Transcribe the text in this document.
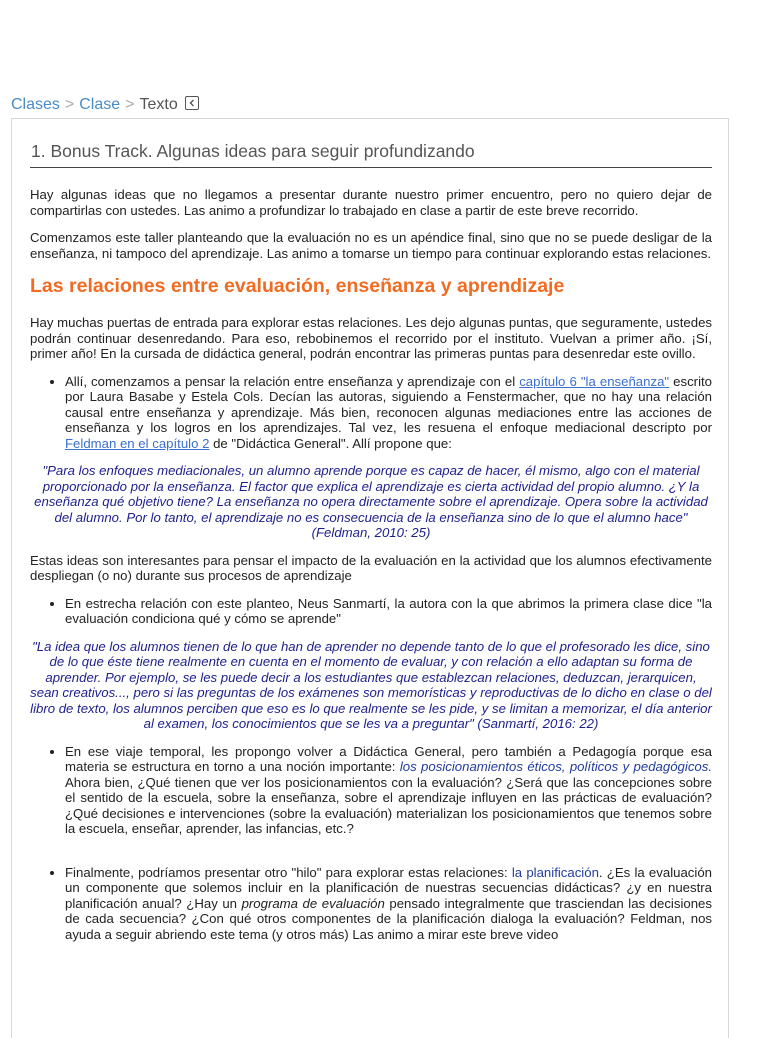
Clases > Clase > Texto
1. Bonus Track. Algunas ideas para seguir profundizando

Hay algunas ideas que no llegamos a presentar durante nuestro primer encuentro, pero no quiero dejar de compartirlas con ustedes. Las animo a profundizar lo trabajado en clase a partir de este breve recorrido.

Comenzamos este taller planteando que la evaluación no es un apéndice final, sino que no se puede desligar de la enseñanza, ni tampoco del aprendizaje. Las animo a tomarse un tiempo para continuar explorando estas relaciones.

Las relaciones entre evaluación, enseñanza y aprendizaje

Hay muchas puertas de entrada para explorar estas relaciones. Les dejo algunas puntas, que seguramente, ustedes podrán continuar desenredando. Para eso, rebobinemos el recorrido por el instituto. Vuelvan a primer año. ¡Sí, primer año! En la cursada de didáctica general, podrán encontrar las primeras puntas para desenredar este ovillo.

• Allí, comenzamos a pensar la relación entre enseñanza y aprendizaje con el capítulo 6 "la enseñanza" escrito por Laura Basabe y Estela Cols. Decían las autoras, siguiendo a Fenstermacher, que no hay una relación causal entre enseñanza y aprendizaje. Más bien, reconocen algunas mediaciones entre las acciones de enseñanza y los logros en los aprendizajes. Tal vez, les resuena el enfoque mediacional descripto por Feldman en el capítulo 2 de "Didáctica General". Allí propone que:

"Para los enfoques mediacionales, un alumno aprende porque es capaz de hacer, él mismo, algo con el material proporcionado por la enseñanza. El factor que explica el aprendizaje es cierta actividad del propio alumno. ¿Y la enseñanza qué objetivo tiene? La enseñanza no opera directamente sobre el aprendizaje. Opera sobre la actividad del alumno. Por lo tanto, el aprendizaje no es consecuencia de la enseñanza sino de lo que el alumno hace" (Feldman, 2010: 25)

Estas ideas son interesantes para pensar el impacto de la evaluación en la actividad que los alumnos efectivamente despliegan (o no) durante sus procesos de aprendizaje

• En estrecha relación con este planteo, Neus Sanmartí, la autora con la que abrimos la primera clase dice "la evaluación condiciona qué y cómo se aprende"

"La idea que los alumnos tienen de lo que han de aprender no depende tanto de lo que el profesorado les dice, sino de lo que éste tiene realmente en cuenta en el momento de evaluar, y con relación a ello adaptan su forma de aprender. Por ejemplo, se les puede decir a los estudiantes que establezcan relaciones, deduzcan, jerarquicen, sean creativos..., pero si las preguntas de los exámenes son memorísticas y reproductivas de lo dicho en clase o del libro de texto, los alumnos perciben que eso es lo que realmente se les pide, y se limitan a memorizar, el día anterior al examen, los conocimientos que se les va a preguntar" (Sanmartí, 2016: 22)

• En ese viaje temporal, les propongo volver a Didáctica General, pero también a Pedagogía porque esa materia se estructura en torno a una noción importante: los posicionamientos éticos, políticos y pedagógicos. Ahora bien, ¿Qué tienen que ver los posicionamientos con la evaluación? ¿Será que las concepciones sobre el sentido de la escuela, sobre la enseñanza, sobre el aprendizaje influyen en las prácticas de evaluación? ¿Qué decisiones e intervenciones (sobre la evaluación) materializan los posicionamientos que tenemos sobre la escuela, enseñar, aprender, las infancias, etc.?
• Finalmente, podríamos presentar otro "hilo" para explorar estas relaciones: la planificación. ¿Es la evaluación un componente que solemos incluir en la planificación de nuestras secuencias didácticas? ¿y en nuestra planificación anual? ¿Hay un programa de evaluación pensado integralmente que trasciendan las decisiones de cada secuencia? ¿Con qué otros componentes de la planificación dialoga la evaluación? Feldman, nos ayuda a seguir abriendo este tema (y otros más) Las animo a mirar este breve video
